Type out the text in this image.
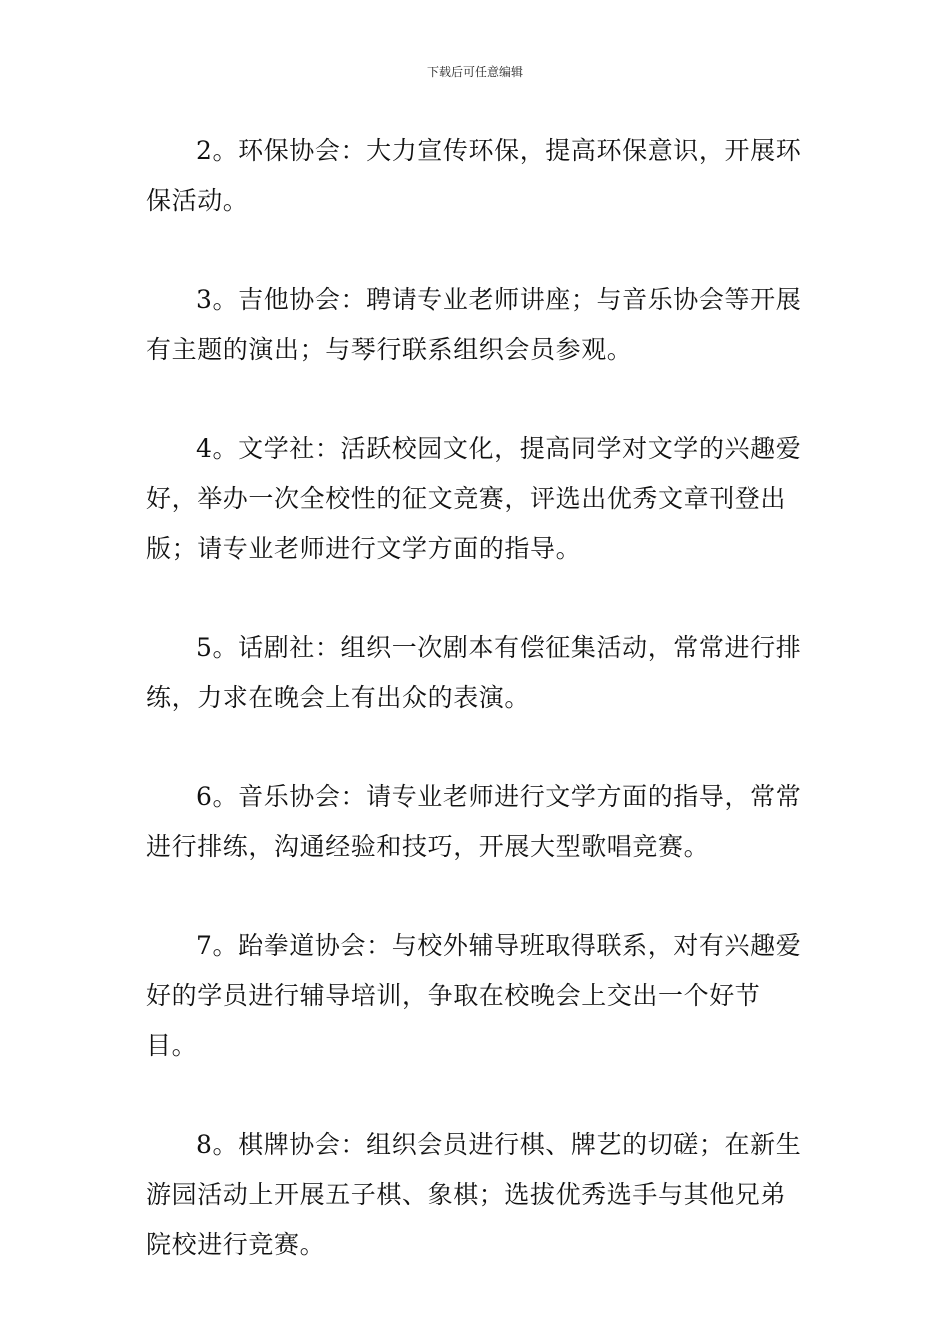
下载后可任意编辑

2。环保协会：大力宣传环保，提高环保意识，开展环保活动。

3。吉他协会：聘请专业老师讲座；与音乐协会等开展有主题的演出；与琴行联系组织会员参观。

4。文学社：活跃校园文化，提高同学对文学的兴趣爱好，举办一次全校性的征文竞赛，评选出优秀文章刊登出版；请专业老师进行文学方面的指导。

5。话剧社：组织一次剧本有偿征集活动，常常进行排练，力求在晚会上有出众的表演。

6。音乐协会：请专业老师进行文学方面的指导，常常进行排练，沟通经验和技巧，开展大型歌唱竞赛。

7。跆拳道协会：与校外辅导班取得联系，对有兴趣爱好的学员进行辅导培训，争取在校晚会上交出一个好节目。

8。棋牌协会：组织会员进行棋、牌艺的切磋；在新生游园活动上开展五子棋、象棋；选拔优秀选手与其他兄弟院校进行竞赛。
